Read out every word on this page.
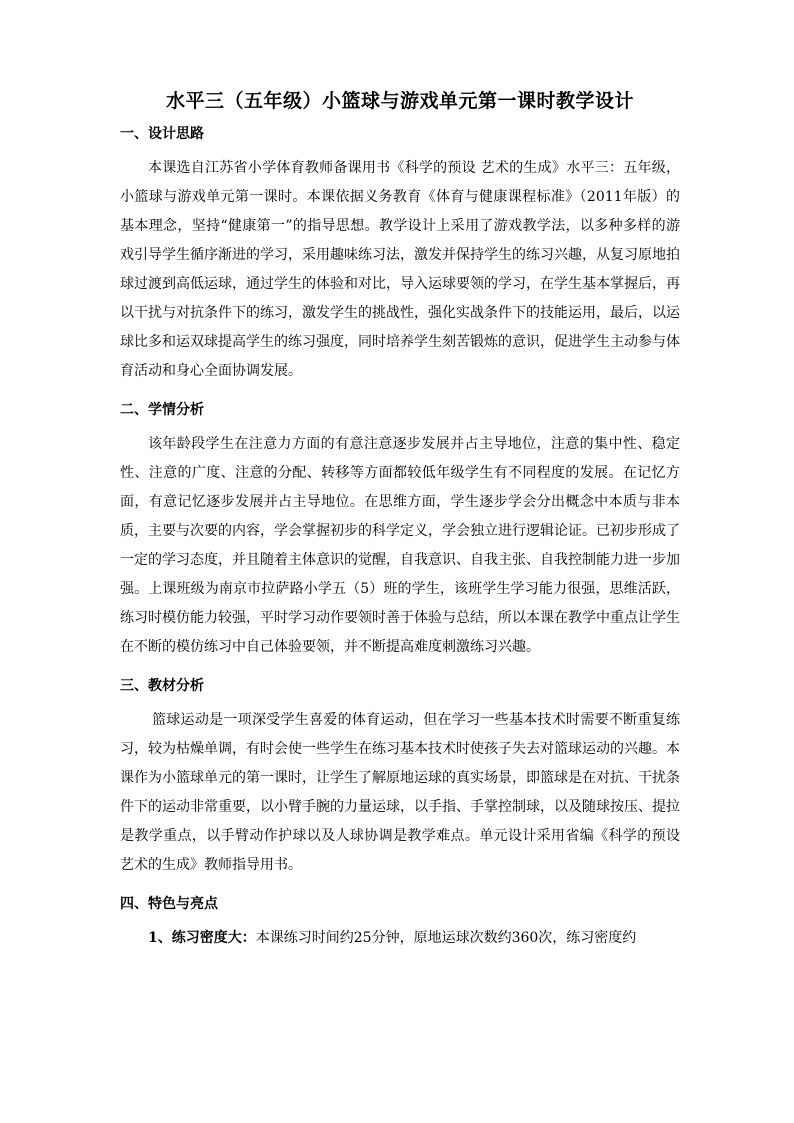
水平三（五年级）小篮球与游戏单元第一课时教学设计
一、设计思路

本课选自江苏省小学体育教师备课用书《科学的预设 艺术的生成》水平三：五年级，小篮球与游戏单元第一课时。本课依据义务教育《体育与健康课程标准》（2011年版）的基本理念，坚持“健康第一”的指导思想。教学设计上采用了游戏教学法，以多种多样的游戏引导学生循序渐进的学习，采用趣味练习法，激发并保持学生的练习兴趣，从复习原地拍球过渡到高低运球，通过学生的体验和对比，导入运球要领的学习，在学生基本掌握后，再以干扰与对抗条件下的练习，激发学生的挑战性，强化实战条件下的技能运用，最后，以运球比多和运双球提高学生的练习强度，同时培养学生刻苦锻炼的意识，促进学生主动参与体育活动和身心全面协调发展。

二、学情分析

该年龄段学生在注意力方面的有意注意逐步发展并占主导地位，注意的集中性、稳定性、注意的广度、注意的分配、转移等方面都较低年级学生有不同程度的发展。在记忆方面，有意记忆逐步发展并占主导地位。在思维方面，学生逐步学会分出概念中本质与非本质，主要与次要的内容，学会掌握初步的科学定义，学会独立进行逻辑论证。已初步形成了一定的学习态度，并且随着主体意识的觉醒，自我意识、自我主张、自我控制能力进一步加强。上课班级为南京市拉萨路小学五（5）班的学生，该班学生学习能力很强，思维活跃，练习时模仿能力较强，平时学习动作要领时善于体验与总结，所以本课在教学中重点让学生在不断的模仿练习中自己体验要领，并不断提高难度刺激练习兴趣。

三、教材分析

篮球运动是一项深受学生喜爱的体育运动，但在学习一些基本技术时需要不断重复练习，较为枯燥单调，有时会使一些学生在练习基本技术时使孩子失去对篮球运动的兴趣。本课作为小篮球单元的第一课时，让学生了解原地运球的真实场景，即篮球是在对抗、干扰条件下的运动非常重要，以小臂手腕的力量运球，以手指、手掌控制球，以及随球按压、提拉是教学重点，以手臂动作护球以及人球协调是教学难点。单元设计采用省编《科学的预设 艺术的生成》教师指导用书。

四、特色与亮点

1、练习密度大：本课练习时间约25分钟，原地运球次数约360次，练习密度约
